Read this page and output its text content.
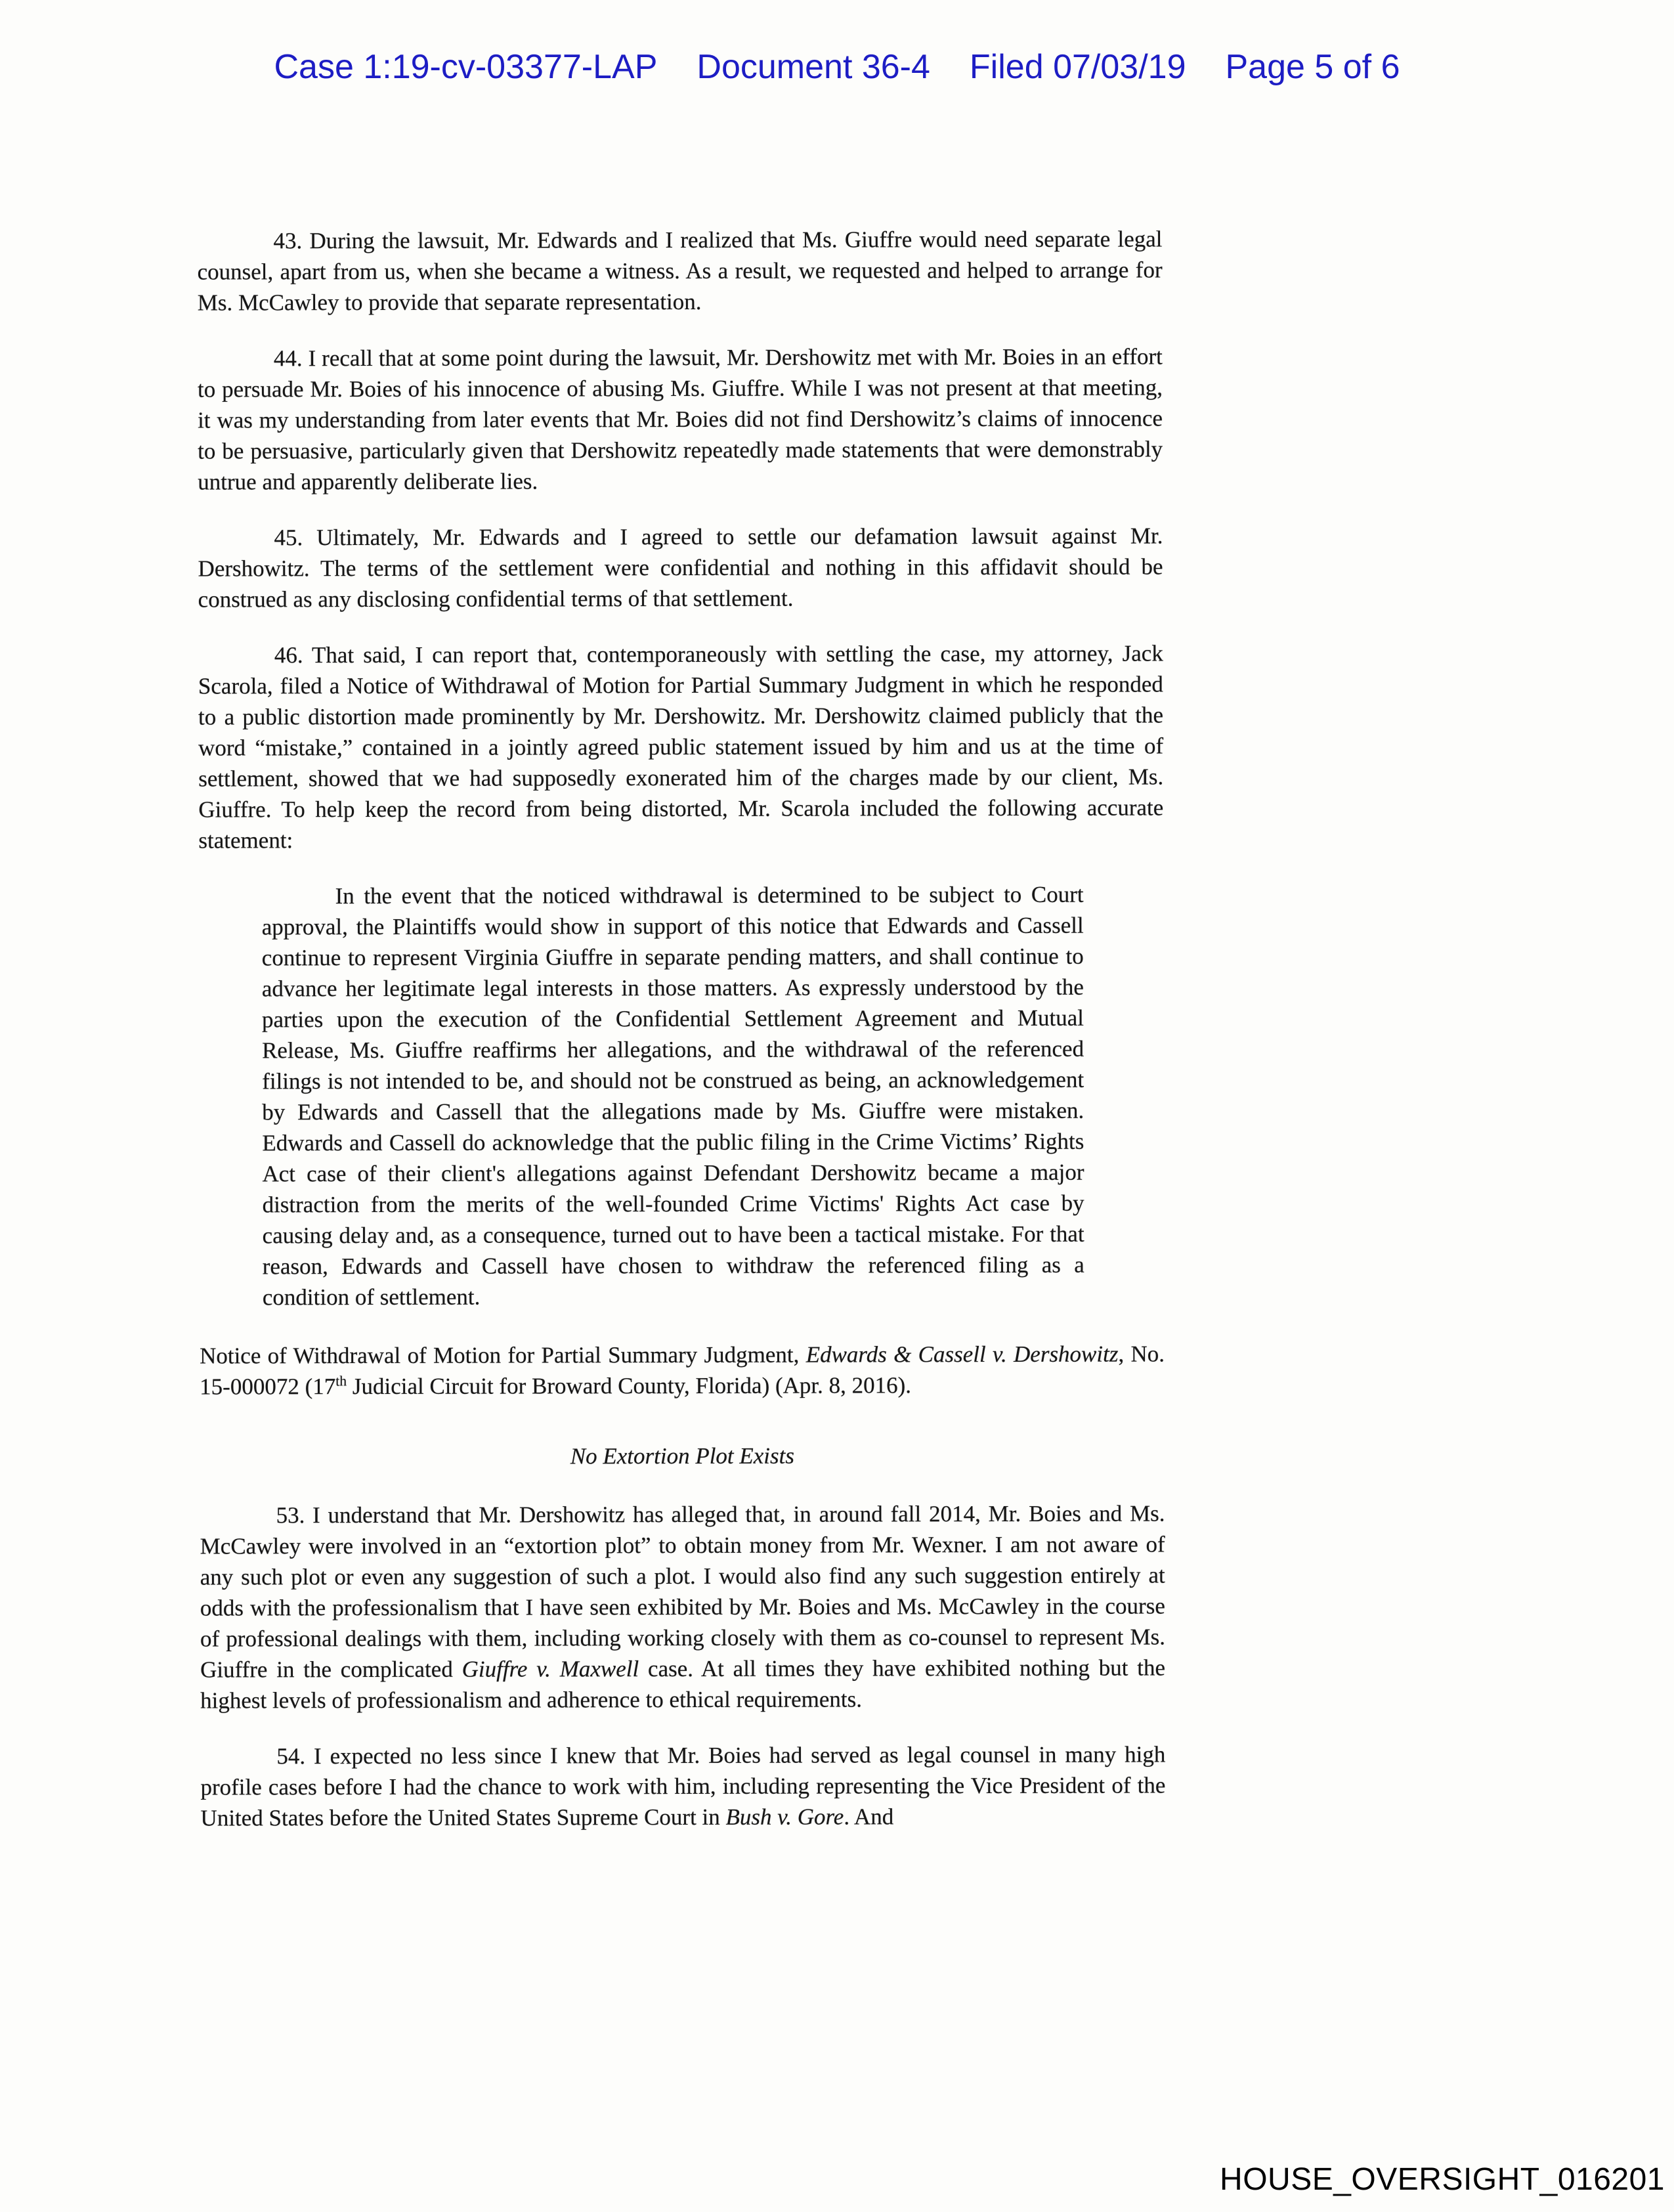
Case 1:19-cv-03377-LAP Document 36-4 Filed 07/03/19 Page 5 of 6

43. During the lawsuit, Mr. Edwards and I realized that Ms. Giuffre would need separate legal counsel, apart from us, when she became a witness. As a result, we requested and helped to arrange for Ms. McCawley to provide that separate representation.

44. I recall that at some point during the lawsuit, Mr. Dershowitz met with Mr. Boies in an effort to persuade Mr. Boies of his innocence of abusing Ms. Giuffre. While I was not present at that meeting, it was my understanding from later events that Mr. Boies did not find Dershowitz’s claims of innocence to be persuasive, particularly given that Dershowitz repeatedly made statements that were demonstrably untrue and apparently deliberate lies.

45. Ultimately, Mr. Edwards and I agreed to settle our defamation lawsuit against Mr. Dershowitz. The terms of the settlement were confidential and nothing in this affidavit should be construed as any disclosing confidential terms of that settlement.

46. That said, I can report that, contemporaneously with settling the case, my attorney, Jack Scarola, filed a Notice of Withdrawal of Motion for Partial Summary Judgment in which he responded to a public distortion made prominently by Mr. Dershowitz. Mr. Dershowitz claimed publicly that the word “mistake,” contained in a jointly agreed public statement issued by him and us at the time of settlement, showed that we had supposedly exonerated him of the charges made by our client, Ms. Giuffre. To help keep the record from being distorted, Mr. Scarola included the following accurate statement:

In the event that the noticed withdrawal is determined to be subject to Court approval, the Plaintiffs would show in support of this notice that Edwards and Cassell continue to represent Virginia Giuffre in separate pending matters, and shall continue to advance her legitimate legal interests in those matters. As expressly understood by the parties upon the execution of the Confidential Settlement Agreement and Mutual Release, Ms. Giuffre reaffirms her allegations, and the withdrawal of the referenced filings is not intended to be, and should not be construed as being, an acknowledgement by Edwards and Cassell that the allegations made by Ms. Giuffre were mistaken. Edwards and Cassell do acknowledge that the public filing in the Crime Victims’ Rights Act case of their client's allegations against Defendant Dershowitz became a major distraction from the merits of the well-founded Crime Victims' Rights Act case by causing delay and, as a consequence, turned out to have been a tactical mistake. For that reason, Edwards and Cassell have chosen to withdraw the referenced filing as a condition of settlement.

Notice of Withdrawal of Motion for Partial Summary Judgment, Edwards & Cassell v. Dershowitz, No. 15-000072 (17th Judicial Circuit for Broward County, Florida) (Apr. 8, 2016).

No Extortion Plot Exists

53. I understand that Mr. Dershowitz has alleged that, in around fall 2014, Mr. Boies and Ms. McCawley were involved in an “extortion plot” to obtain money from Mr. Wexner. I am not aware of any such plot or even any suggestion of such a plot. I would also find any such suggestion entirely at odds with the professionalism that I have seen exhibited by Mr. Boies and Ms. McCawley in the course of professional dealings with them, including working closely with them as co-counsel to represent Ms. Giuffre in the complicated Giuffre v. Maxwell case. At all times they have exhibited nothing but the highest levels of professionalism and adherence to ethical requirements.

54. I expected no less since I knew that Mr. Boies had served as legal counsel in many high profile cases before I had the chance to work with him, including representing the Vice President of the United States before the United States Supreme Court in Bush v. Gore. And

HOUSE_OVERSIGHT_016201
